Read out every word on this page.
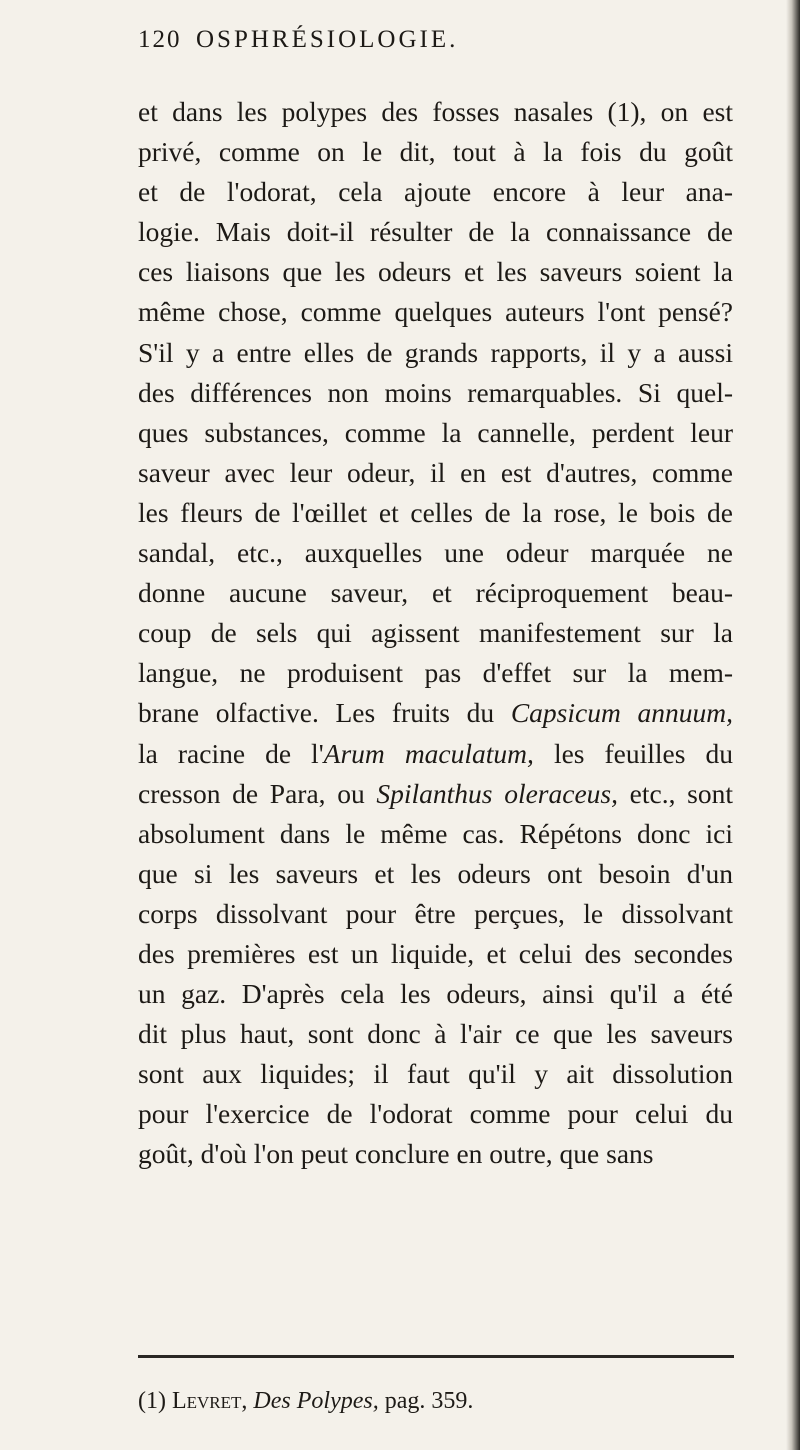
120 OSPHRÉSIOLOGIE.
et dans les polypes des fosses nasales (1), on est
privé, comme on le dit, tout à la fois du goût
et de l'odorat, cela ajoute encore à leur ana-
logie. Mais doit-il résulter de la connaissance de
ces liaisons que les odeurs et les saveurs soient la
même chose, comme quelques auteurs l'ont pensé?
S'il y a entre elles de grands rapports, il y a aussi
des différences non moins remarquables. Si quel-
ques substances, comme la cannelle, perdent leur
saveur avec leur odeur, il en est d'autres, comme
les fleurs de l'œillet et celles de la rose, le bois de
sandal, etc., auxquelles une odeur marquée ne
donne aucune saveur, et réciproquement beau-
coup de sels qui agissent manifestement sur la
langue, ne produisent pas d'effet sur la mem-
brane olfactive. Les fruits du Capsicum annuum,
la racine de l'Arum maculatum, les feuilles du
cresson de Para, ou Spilanthus oleraceus, etc., sont
absolument dans le même cas. Répétons donc ici
que si les saveurs et les odeurs ont besoin d'un
corps dissolvant pour être perçues, le dissolvant
des premières est un liquide, et celui des secondes
un gaz. D'après cela les odeurs, ainsi qu'il a été
dit plus haut, sont donc à l'air ce que les saveurs
sont aux liquides; il faut qu'il y ait dissolution
pour l'exercice de l'odorat comme pour celui du
goût, d'où l'on peut conclure en outre, que sans
(1) Levret, Des Polypes, pag. 359.
